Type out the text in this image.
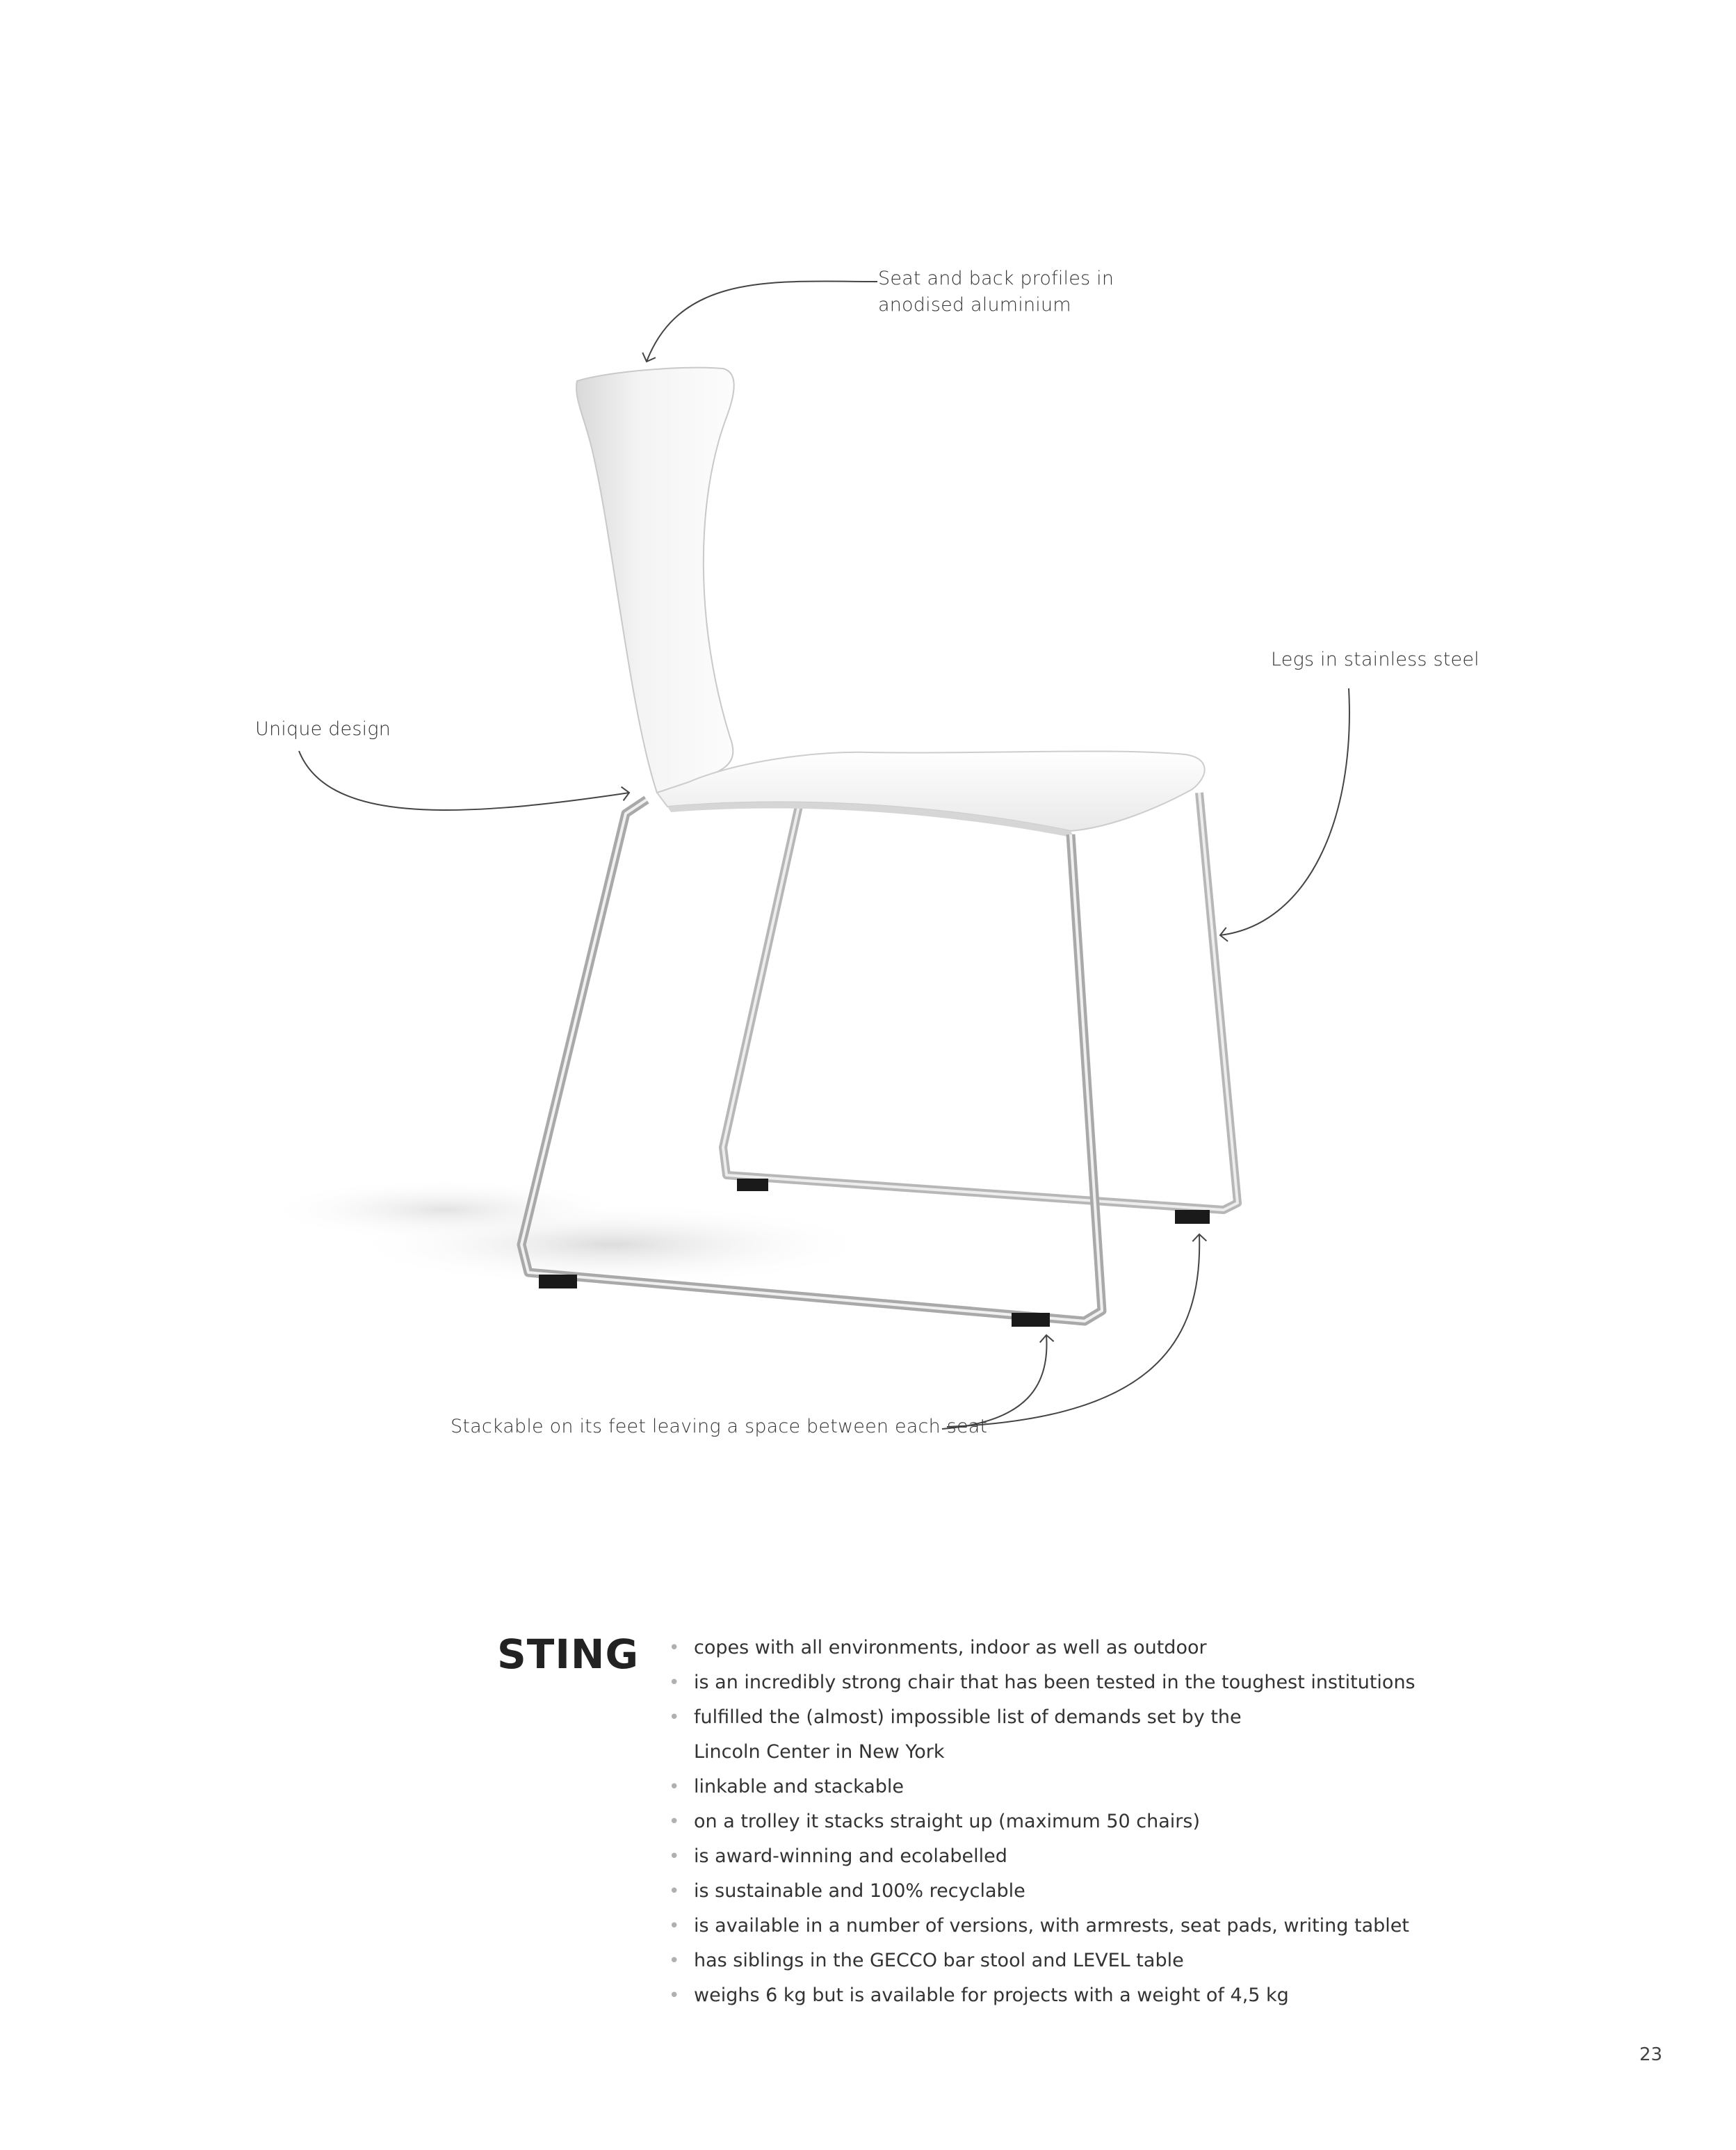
Seat and back profiles in
anodised aluminium
Legs in stainless steel
Unique design
Stackable on its feet leaving a space between each seat
STING • copes with all environments, indoor as well as outdoor
• is an incredibly strong chair that has been tested in the toughest institutions
• fulfilled the (almost) impossible list of demands set by the
Lincoln Center in New York
• linkable and stackable
• on a trolley it stacks straight up (maximum 50 chairs)
• is award-winning and ecolabelled
• is sustainable and 100% recyclable
• is available in a number of versions, with armrests, seat pads, writing tablet
• has siblings in the GECCO bar stool and LEVEL table
• weighs 6 kg but is available for projects with a weight of 4,5 kg
23
